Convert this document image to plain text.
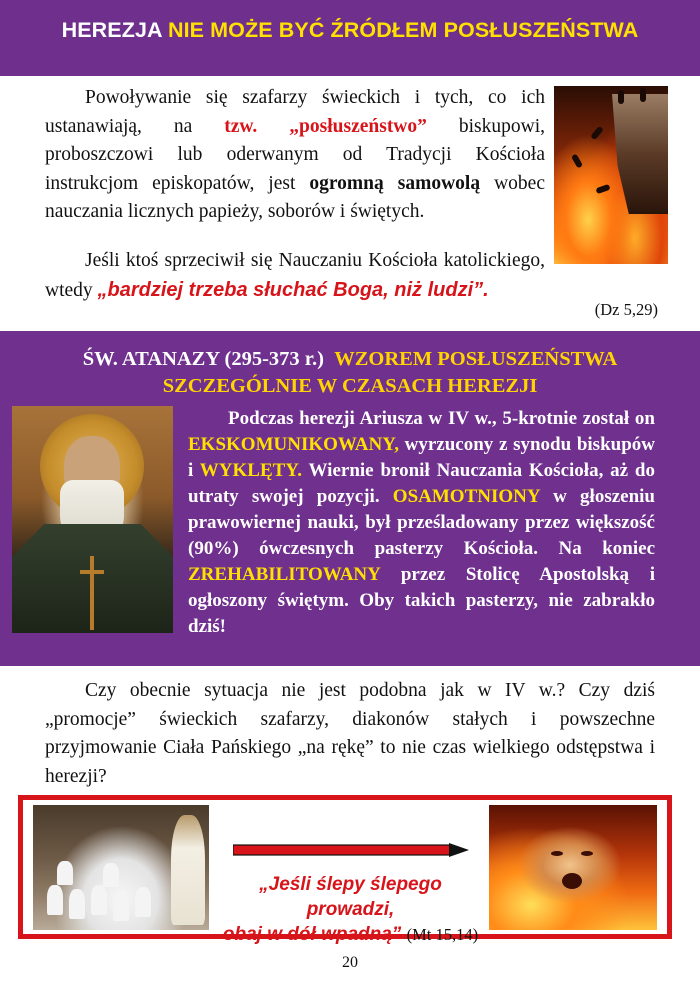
HEREZJA NIE MOŻE BYĆ ŹRÓDŁEM POSŁUSZEŃSTWA

Powoływanie się szafarzy świeckich i tych, co ich ustanawiają, na tzw. „posłuszeństwo” biskupowi, proboszczowi lub oderwanym od Tradycji Kościoła instrukcjom episkopatów, jest ogromną samowolą wobec nauczania licznych papieży, soborów i świętych.

Jeśli ktoś sprzeciwił się Nauczaniu Kościoła katolickiego, wtedy „bardziej trzeba słuchać Boga, niż ludzi”.

(Dz 5,29)
ŚW. ATANAZY (295-373 r.) WZOREM POSŁUSZEŃSTWA
SZCZEGÓLNIE W CZASACH HEREZJI

Podczas herezji Ariusza w IV w., 5-krotnie został on EKSKOMUNIKOWANY, wyrzucony z synodu biskupów i WYKLĘTY. Wiernie bronił Nauczania Kościoła, aż do utraty swojej pozycji. OSAMOTNIONY w głoszeniu prawowiernej nauki, był prześladowany przez większość (90%) ówczesnych pasterzy Kościoła. Na koniec ZREHABILITOWANY przez Stolicę Apostolską i ogłoszony świętym. Oby takich pasterzy, nie zabrakło dziś!

Czy obecnie sytuacja nie jest podobna jak w IV w.? Czy dziś „promocje” świeckich szafarzy, diakonów stałych i powszechne przyjmowanie Ciała Pańskiego „na rękę” to nie czas wielkiego odstępstwa i herezji?

„Jeśli ślepy ślepego prowadzi,
obaj w dół wpadną” (Mt 15,14)
20
